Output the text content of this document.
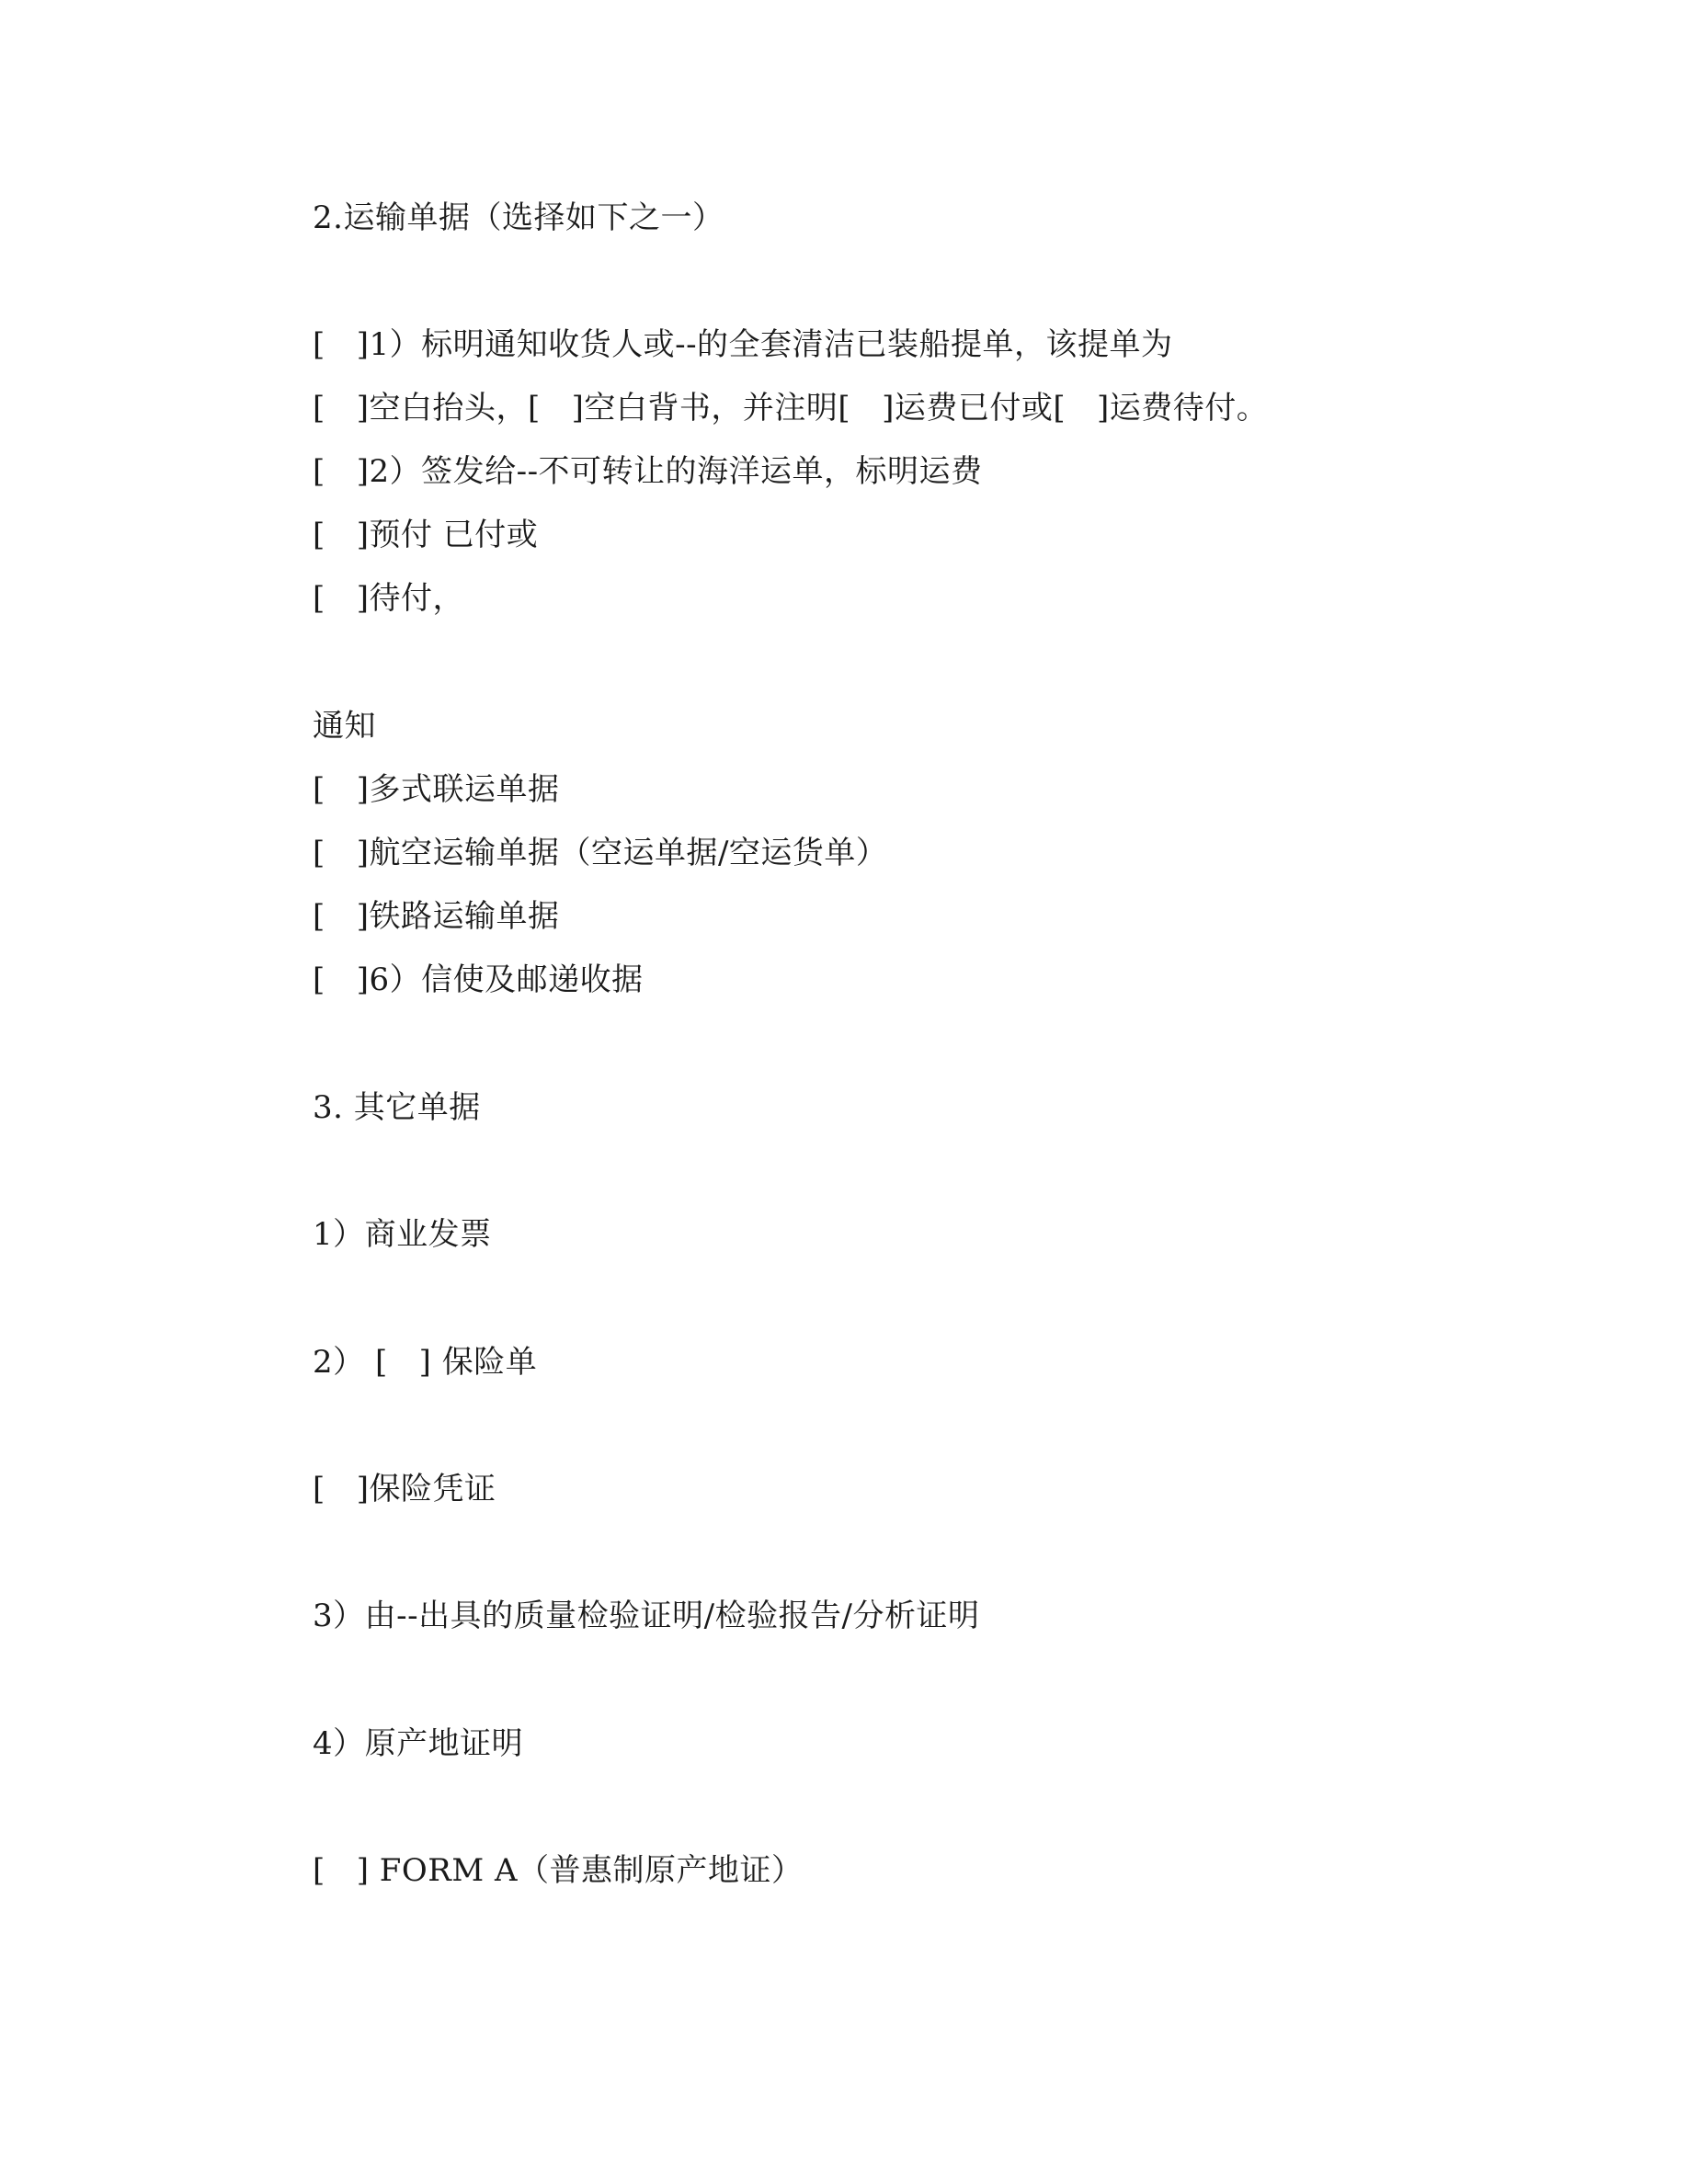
2.运输单据（选择如下之一）
[   ]1）标明通知收货人或--的全套清洁已装船提单，该提单为
[   ]空白抬头，[   ]空白背书，并注明[   ]运费已付或[   ]运费待付。
[   ]2）签发给--不可转让的海洋运单，标明运费
[   ]预付 已付或
[   ]待付，
通知
[   ]多式联运单据
[   ]航空运输单据（空运单据/空运货单）
[   ]铁路运输单据
[   ]6）信使及邮递收据
3. 其它单据
1）商业发票
2） [   ] 保险单
[   ]保险凭证
3）由--出具的质量检验证明/检验报告/分析证明
4）原产地证明
[   ] FORM A（普惠制原产地证）
